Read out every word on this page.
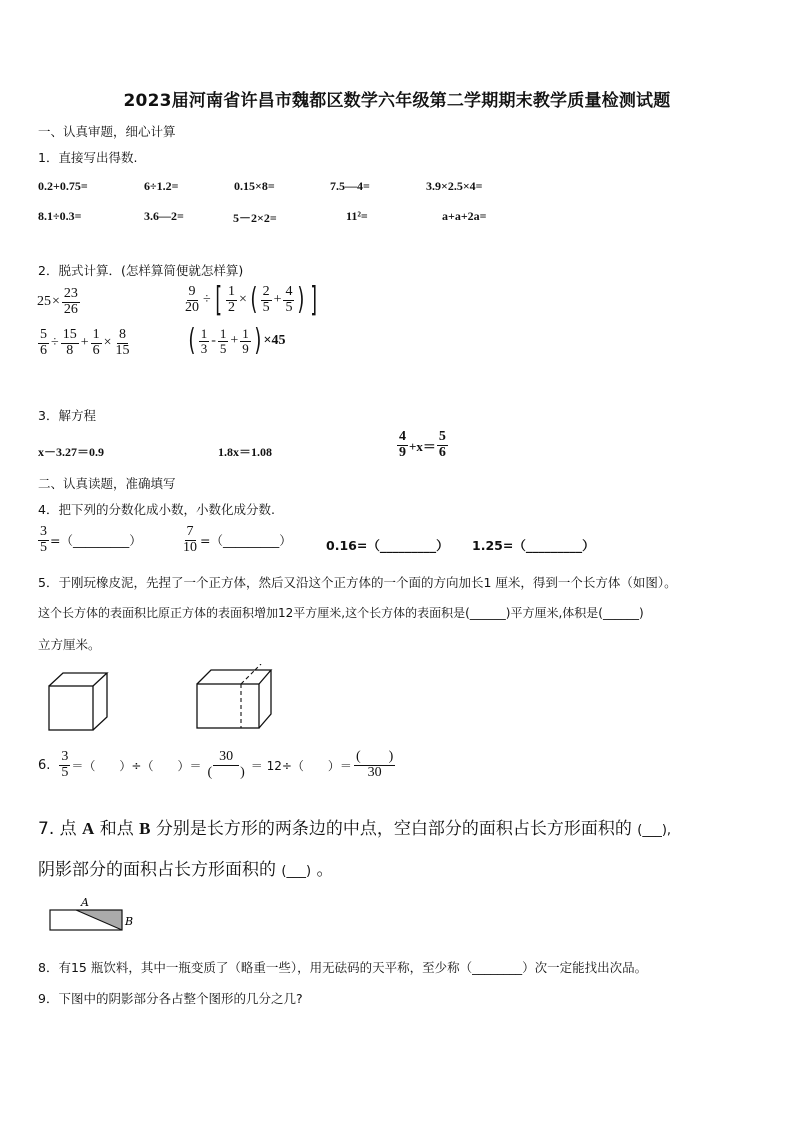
2023届河南省许昌市魏都区数学六年级第二学期期末教学质量检测试题
一、认真审题，细心计算
1．直接写出得数.
0.2+0.75=	6÷1.2=	0.15×8=	7.5—4=	3.9×2.5×4=
8.1÷0.3=	3.6—2=	5－2×2=	11²=	a+a+2a=
2．脱式计算．(怎样算简便就怎样算)
$25 \times \frac{23}{26}$	$\frac{9}{20}$ ÷ [ $\frac{1}{2}$ × ( $\frac{2}{5} + \frac{4}{5}$ ) ]
$\frac{5}{6} \div \frac{15}{8} + \frac{1}{6} \times \frac{8}{15}$ ( $\frac{1}{3} - \frac{1}{5} + \frac{1}{9}$ ) ×45
3．解方程
x－3.27＝0.9	1.8x＝1.08	$\frac{4}{9} +x= \frac{5}{6}$
二、认真读题，准确填写
4．把下列的分数化成小数，小数化成分数.
$\frac{3}{5}$ =（_________）	$\frac{7}{10}$ =（_________）	0.16=（_________） 1.25=（_________）
5．于刚玩橡皮泥，先捏了一个正方体，然后又沿这个正方体的一个面的方向加长1 厘米，得到一个长方体（如图）。
这个长方体的表面积比原正方体的表面积增加12平方厘米,这个长方体的表面积是(______)平方厘米,体积是(______)
立方厘米。
6. $\frac{3}{5}$ ＝（　　）÷（　　）＝ $\frac{30}{( )} = 12\div$（　　）＝ $\frac{( )}{30}$
7. 点 A 和点 B 分别是长方形的两条边的中点，空白部分的面积占长方形面积的 (___),
阴影部分的面积占长方形面积的 (___) 。
A
B
8．有15 瓶饮料，其中一瓶变质了（略重一些），用无砝码的天平称，至少称（________）次一定能找出次品。
9．下图中的阴影部分各占整个图形的几分之几?
